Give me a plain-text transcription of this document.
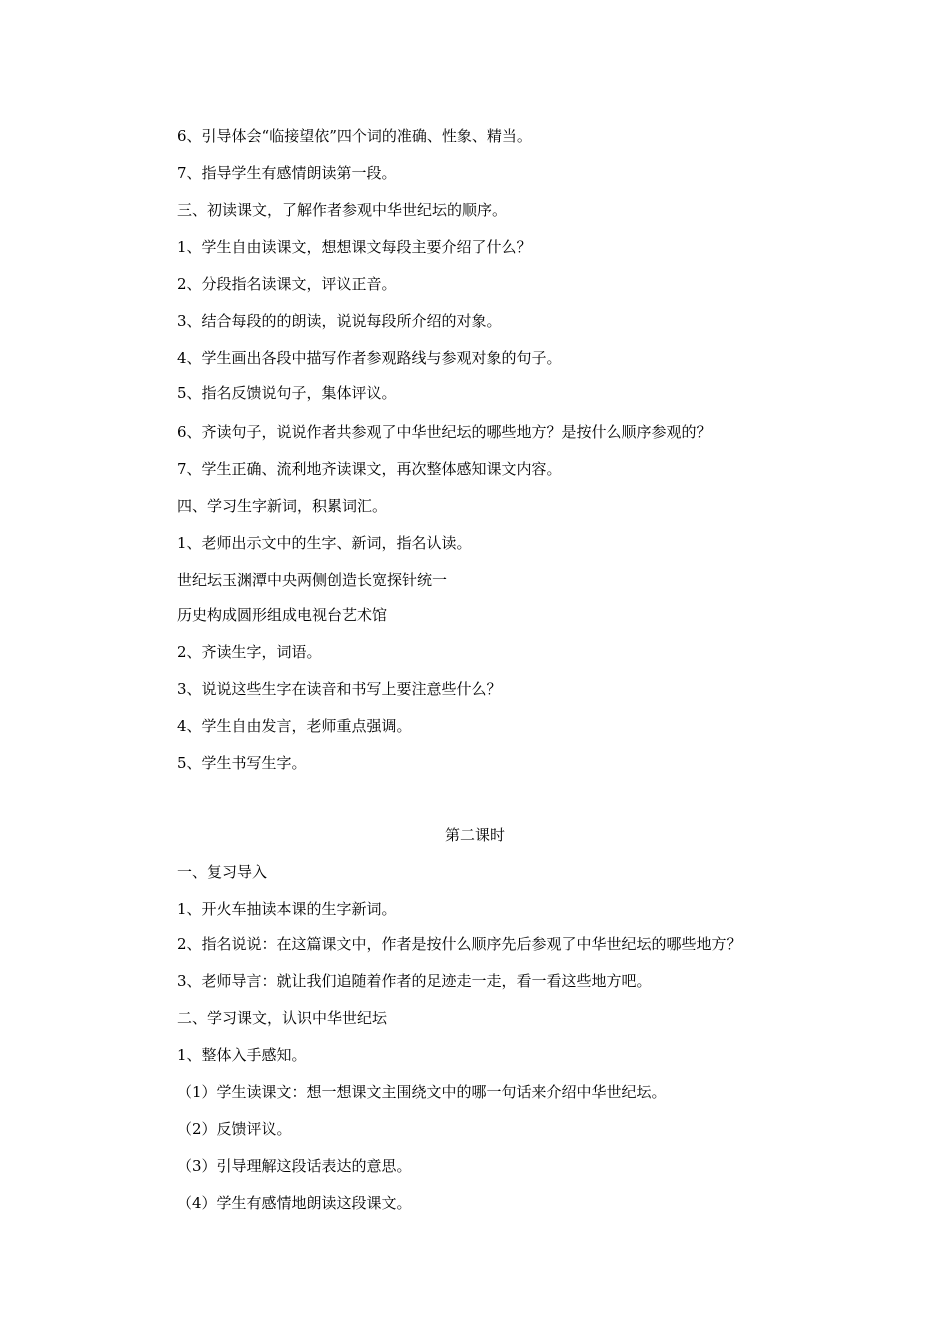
6、引导体会“临接望依”四个词的准确、性象、精当。
7、指导学生有感情朗读第一段。
三、初读课文，了解作者参观中华世纪坛的顺序。
1、学生自由读课文，想想课文每段主要介绍了什么？
2、分段指名读课文，评议正音。
3、结合每段的的朗读，说说每段所介绍的对象。
4、学生画出各段中描写作者参观路线与参观对象的句子。
5、指名反馈说句子，集体评议。
6、齐读句子，说说作者共参观了中华世纪坛的哪些地方？是按什么顺序参观的？
7、学生正确、流利地齐读课文，再次整体感知课文内容。
四、学习生字新词，积累词汇。
1、老师出示文中的生字、新词，指名认读。
世纪坛玉渊潭中央两侧创造长宽探针统一
历史构成圆形组成电视台艺术馆
2、齐读生字，词语。
3、说说这些生字在读音和书写上要注意些什么？
4、学生自由发言，老师重点强调。
5、学生书写生字。
第二课时
一、复习导入
1、开火车抽读本课的生字新词。
2、指名说说：在这篇课文中，作者是按什么顺序先后参观了中华世纪坛的哪些地方？
3、老师导言：就让我们追随着作者的足迹走一走，看一看这些地方吧。
二、学习课文，认识中华世纪坛
1、整体入手感知。
（1）学生读课文：想一想课文主围绕文中的哪一句话来介绍中华世纪坛。
（2）反馈评议。
（3）引导理解这段话表达的意思。
（4）学生有感情地朗读这段课文。
